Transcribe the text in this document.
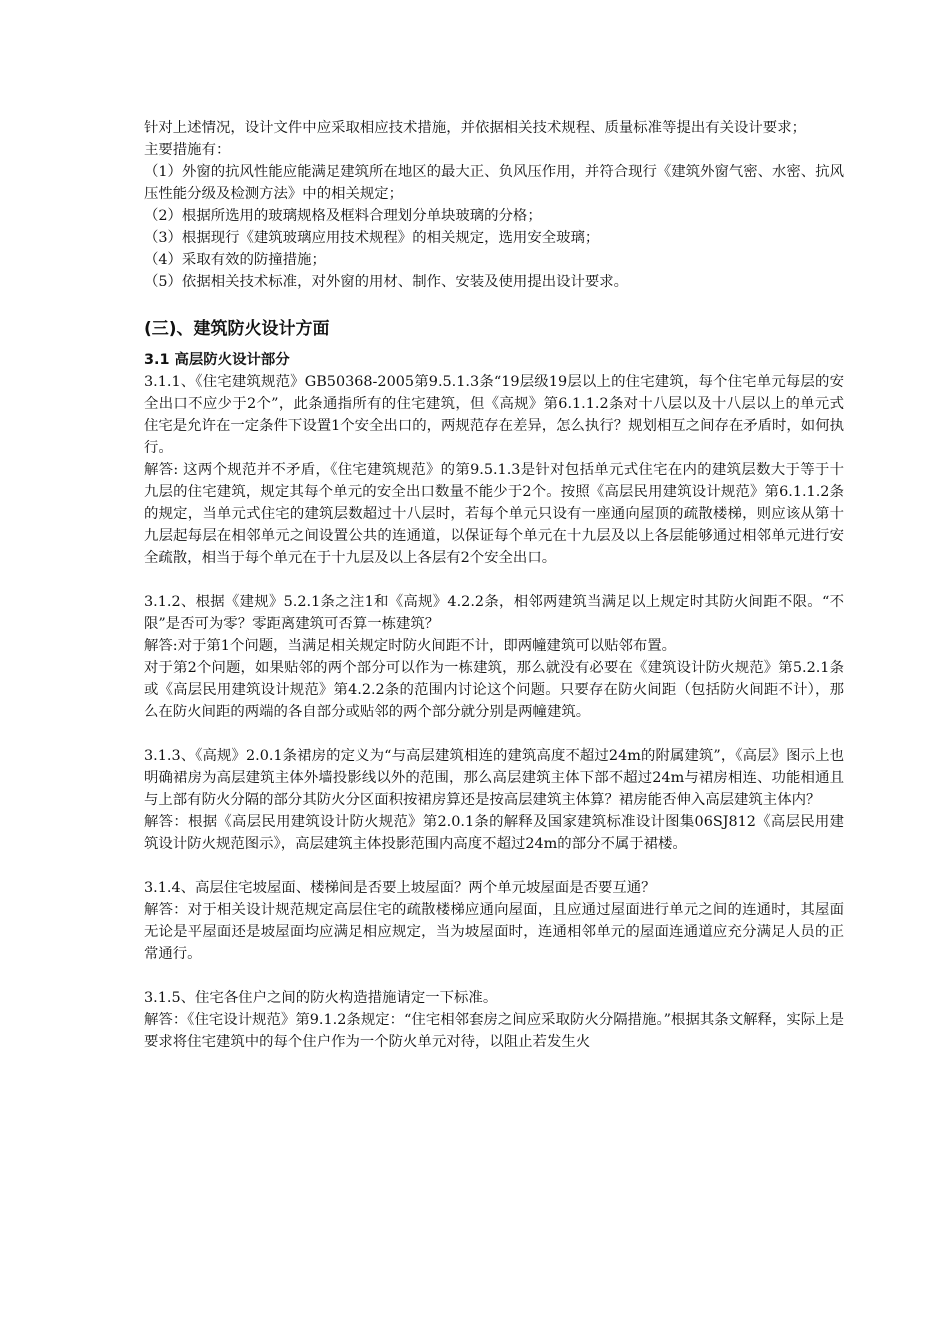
针对上述情况，设计文件中应采取相应技术措施，并依据相关技术规程、质量标准等提出有关设计要求；

主要措施有：

（1）外窗的抗风性能应能满足建筑所在地区的最大正、负风压作用，并符合现行《建筑外窗气密、水密、抗风压性能分级及检测方法》中的相关规定；

（2）根据所选用的玻璃规格及框料合理划分单块玻璃的分格；

（3）根据现行《建筑玻璃应用技术规程》的相关规定，选用安全玻璃；

（4）采取有效的防撞措施；

（5）依据相关技术标准，对外窗的用材、制作、安装及使用提出设计要求。

(三)、建筑防火设计方面
3.1 高层防火设计部分

3.1.1、《住宅建筑规范》GB50368-2005第9.5.1.3条“19层级19层以上的住宅建筑，每个住宅单元每层的安全出口不应少于2个”，此条通指所有的住宅建筑，但《高规》第6.1.1.2条对十八层以及十八层以上的单元式住宅是允许在一定条件下设置1个安全出口的，两规范存在差异，怎么执行？规划相互之间存在矛盾时，如何执行。

解答: 这两个规范并不矛盾，《住宅建筑规范》的第9.5.1.3是针对包括单元式住宅在内的建筑层数大于等于十九层的住宅建筑，规定其每个单元的安全出口数量不能少于2个。按照《高层民用建筑设计规范》第6.1.1.2条的规定，当单元式住宅的建筑层数超过十八层时，若每个单元只设有一座通向屋顶的疏散楼梯，则应该从第十九层起每层在相邻单元之间设置公共的连通道，以保证每个单元在十九层及以上各层能够通过相邻单元进行安全疏散，相当于每个单元在于十九层及以上各层有2个安全出口。

3.1.2、根据《建规》5.2.1条之注1和《高规》4.2.2条，相邻两建筑当满足以上规定时其防火间距不限。“不限”是否可为零？零距离建筑可否算一栋建筑？

解答:对于第1个问题，当满足相关规定时防火间距不计，即两幢建筑可以贴邻布置。

对于第2个问题，如果贴邻的两个部分可以作为一栋建筑，那么就没有必要在《建筑设计防火规范》第5.2.1条或《高层民用建筑设计规范》第4.2.2条的范围内讨论这个问题。只要存在防火间距（包括防火间距不计），那么在防火间距的两端的各自部分或贴邻的两个部分就分别是两幢建筑。

3.1.3、《高规》2.0.1条裙房的定义为“与高层建筑相连的建筑高度不超过24m的附属建筑”，《高层》图示上也明确裙房为高层建筑主体外墙投影线以外的范围，那么高层建筑主体下部不超过24m与裙房相连、功能相通且与上部有防火分隔的部分其防火分区面积按裙房算还是按高层建筑主体算？裙房能否伸入高层建筑主体内？

解答：根据《高层民用建筑设计防火规范》第2.0.1条的解释及国家建筑标准设计图集06SJ812《高层民用建筑设计防火规范图示》，高层建筑主体投影范围内高度不超过24m的部分不属于裙楼。

3.1.4、高层住宅坡屋面、楼梯间是否要上坡屋面？两个单元坡屋面是否要互通？

解答：对于相关设计规范规定高层住宅的疏散楼梯应通向屋面，且应通过屋面进行单元之间的连通时，其屋面无论是平屋面还是坡屋面均应满足相应规定，当为坡屋面时，连通相邻单元的屋面连通道应充分满足人员的正常通行。

3.1.5、住宅各住户之间的防火构造措施请定一下标准。

解答：《住宅设计规范》第9.1.2条规定：“住宅相邻套房之间应采取防火分隔措施。”根据其条文解释，实际上是要求将住宅建筑中的每个住户作为一个防火单元对待，以阻止若发生火
